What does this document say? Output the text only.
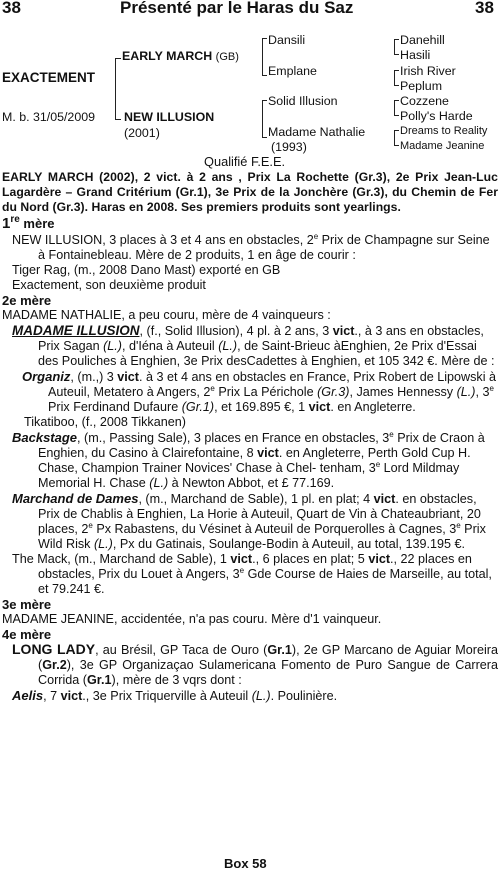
38	Présenté par le Haras du Saz	38
EXACTEMENT
M. b. 31/05/2009
EARLY MARCH (GB)
NEW ILLUSION
(2001)
Dansili
Emplane
Solid Illusion
Madame Nathalie
(1993)
Danehill
Hasili
Irish River
Peplum
Cozzene
Polly's Harde
Dreams to Reality
Madame Jeanine
Qualifié F.E.E.

EARLY MARCH (2002), 2 vict. à 2 ans , Prix La Rochette (Gr.3), 2e Prix Jean-Luc Lagardère – Grand Critérium (Gr.1), 3e Prix de la Jonchère (Gr.3), du Chemin de Fer du Nord (Gr.3). Haras en 2008. Ses premiers produits sont yearlings.

1re mère

NEW ILLUSION, 3 places à 3 et 4 ans en obstacles, 2e Prix de Champagne sur Seine à Fontainebleau. Mère de 2 produits, 1 en âge de courir :

Tiger Rag, (m., 2008 Dano Mast) exporté en GB

Exactement, son deuxième produit

2e mère

MADAME NATHALIE, a peu couru, mère de 4 vainqueurs :

MADAME ILLUSION, (f., Solid Illusion), 4 pl. à 2 ans, 3 vict., à 3 ans en obstacles, Prix Sagan (L.), d'Iéna à Auteuil (L.), de Saint-Brieuc àEnghien, 2e Prix d'Essai des Pouliches à Enghien, 3e Prix desCadettes à Enghien, et 105 342 €. Mère de :

Organiz, (m.,) 3 vict. à 3 et 4 ans en obstacles en France, Prix Robert de Lipowski à Auteuil, Metatero à Angers, 2e Prix La Périchole (Gr.3), James Hennessy (L.), 3e Prix Ferdinand Dufaure (Gr.1), et 169.895 €, 1 vict. en Angleterre.

Tikatiboo, (f., 2008 Tikkanen)

Backstage, (m., Passing Sale), 3 places en France en obstacles, 3e Prix de Craon à Enghien, du Casino à Clairefontaine, 8 vict. en Angleterre, Perth Gold Cup H. Chase, Champion Trainer Novices' Chase à Chel- tenham, 3e Lord Mildmay Memorial H. Chase (L.) à Newton Abbot, et £ 77.169.

Marchand de Dames, (m., Marchand de Sable), 1 pl. en plat; 4 vict. en obstacles, Prix de Chablis à Enghien, La Horie à Auteuil, Quart de Vin à Chateaubriant, 20 places, 2e Px Rabastens, du Vésinet à Auteuil de Porquerolles à Cagnes, 3e Prix Wild Risk (L.), Px du Gatinais, Soulange-Bodin à Auteuil, au total, 139.195 €.

The Mack, (m., Marchand de Sable), 1 vict., 6 places en plat; 5 vict., 22 places en obstacles, Prix du Louet à Angers, 3e Gde Course de Haies de Marseille, au total, et 79.241 €.

3e mère

MADAME JEANINE, accidentée, n'a pas couru. Mère d'1 vainqueur.

4e mère

LONG LADY, au Brésil, GP Taca de Ouro (Gr.1), 2e GP Marcano de Aguiar Moreira (Gr.2), 3e GP Organizaçao Sulamericana Fomento de Puro Sangue de Carrera Corrida (Gr.1), mère de 3 vqrs dont :

Aelis, 7 vict., 3e Prix Triquerville à Auteuil (L.). Poulinière.

Box 58
